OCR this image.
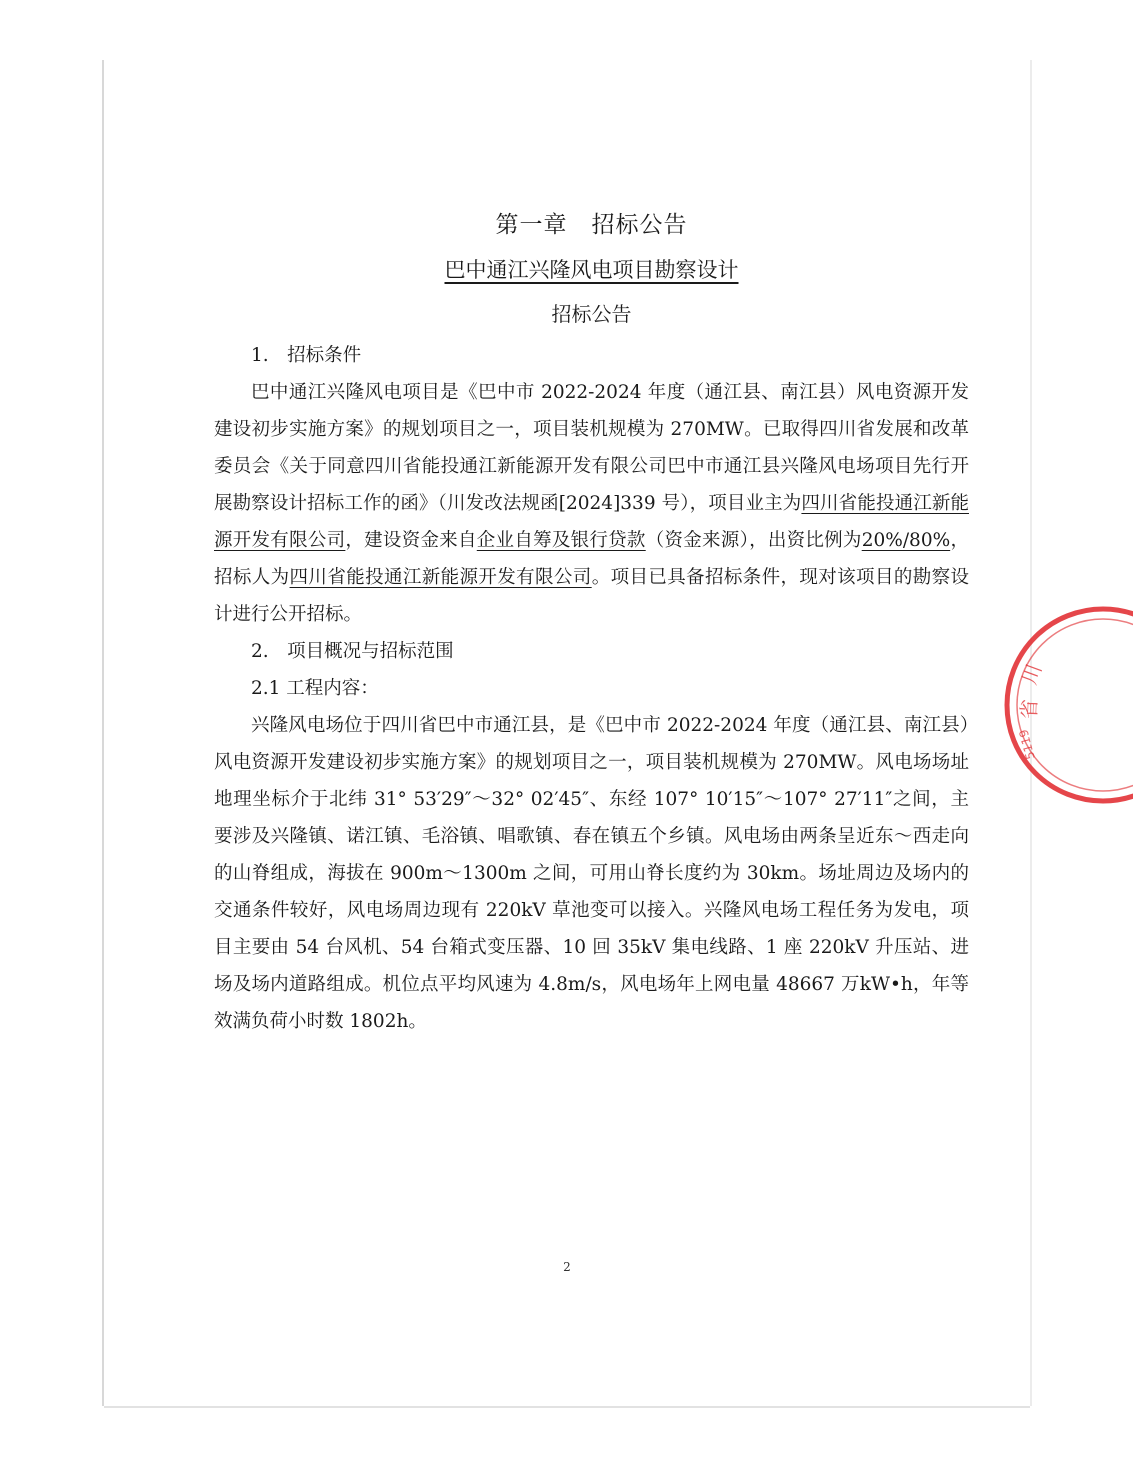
第一章　招标公告
巴中通江兴隆风电项目勘察设计
招标公告

1.　招标条件

巴中通江兴隆风电项目是《巴中市 2022-2024 年度（通江县、南江县）风电资源开发建设初步实施方案》的规划项目之一，项目装机规模为 270MW。已取得四川省发展和改革委员会《关于同意四川省能投通江新能源开发有限公司巴中市通江县兴隆风电场项目先行开展勘察设计招标工作的函》（川发改法规函[2024]339 号），项目业主为四川省能投通江新能源开发有限公司，建设资金来自企业自筹及银行贷款（资金来源），出资比例为20%/80%，招标人为四川省能投通江新能源开发有限公司。项目已具备招标条件，现对该项目的勘察设计进行公开招标。

2.　项目概况与招标范围

2.1 工程内容：

兴隆风电场位于四川省巴中市通江县，是《巴中市 2022-2024 年度（通江县、南江县）风电资源开发建设初步实施方案》的规划项目之一，项目装机规模为 270MW。风电场场址地理坐标介于北纬 31° 53′29″～32° 02′45″、东经 107° 10′15″～107° 27′11″之间，主要涉及兴隆镇、诺江镇、毛浴镇、唱歌镇、春在镇五个乡镇。风电场由两条呈近东～西走向的山脊组成，海拔在 900m～1300m 之间，可用山脊长度约为 30km。场址周边及场内的交通条件较好，风电场周边现有 220kV 草池变可以接入。兴隆风电场工程任务为发电，项目主要由 54 台风机、54 台箱式变压器、10 回 35kV 集电线路、1 座 220kV 升压站、进场及场内道路组成。机位点平均风速为 4.8m/s，风电场年上网电量 48667 万kW•h，年等效满负荷小时数 1802h。

2
川
省
5119
